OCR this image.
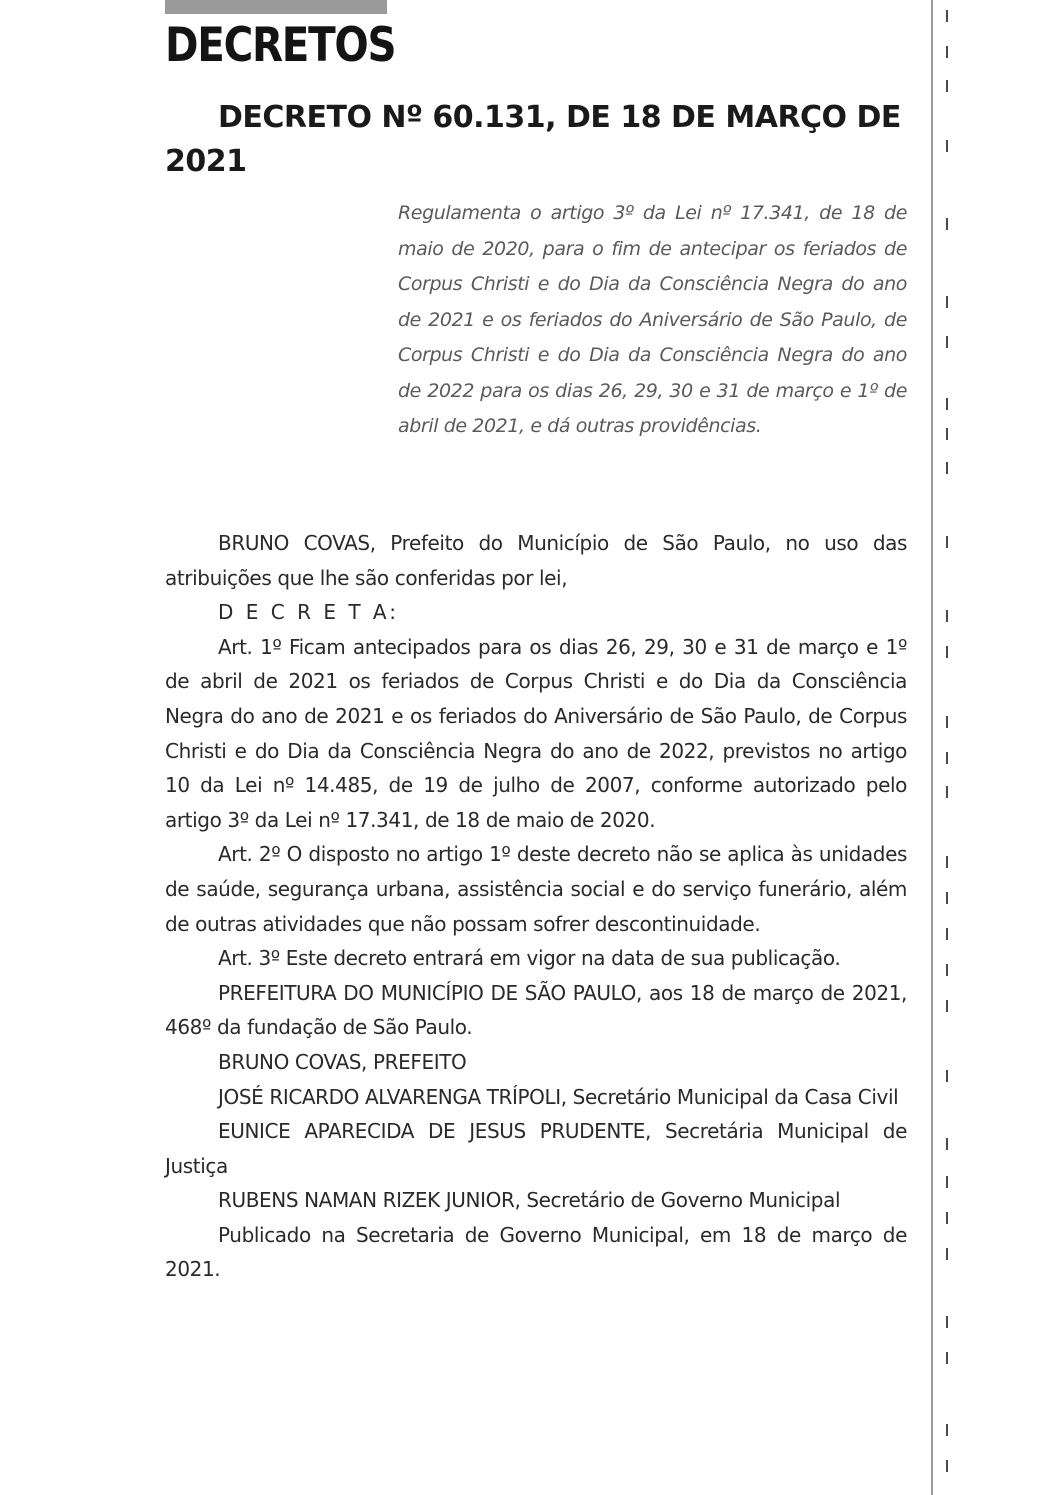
DECRETOS
DECRETO Nº 60.131, DE 18 DE MARÇO DE 2021

Regulamenta o artigo 3º da Lei nº 17.341, de 18 de maio de 2020, para o fim de antecipar os feriados de Corpus Christi e do Dia da Consciência Negra do ano de 2021 e os feriados do Aniversário de São Paulo, de Corpus Christi e do Dia da Consciência Negra do ano de 2022 para os dias 26, 29, 30 e 31 de março e 1º de abril de 2021, e dá outras providências.

BRUNO COVAS, Prefeito do Município de São Paulo, no uso das atribuições que lhe são conferidas por lei,

D E C R E T A:

Art. 1º Ficam antecipados para os dias 26, 29, 30 e 31 de março e 1º de abril de 2021 os feriados de Corpus Christi e do Dia da Consciência Negra do ano de 2021 e os feriados do Aniversário de São Paulo, de Corpus Christi e do Dia da Consciência Negra do ano de 2022, previstos no artigo 10 da Lei nº 14.485, de 19 de julho de 2007, conforme autorizado pelo artigo 3º da Lei nº 17.341, de 18 de maio de 2020.

Art. 2º O disposto no artigo 1º deste decreto não se aplica às unidades de saúde, segurança urbana, assistência social e do serviço funerário, além de outras atividades que não possam sofrer descontinuidade.

Art. 3º Este decreto entrará em vigor na data de sua publicação.

PREFEITURA DO MUNICÍPIO DE SÃO PAULO, aos 18 de março de 2021, 468º da fundação de São Paulo.

BRUNO COVAS, PREFEITO

JOSÉ RICARDO ALVARENGA TRÍPOLI, Secretário Municipal da Casa Civil

EUNICE APARECIDA DE JESUS PRUDENTE, Secretária Municipal de Justiça

RUBENS NAMAN RIZEK JUNIOR, Secretário de Governo Municipal

Publicado na Secretaria de Governo Municipal, em 18 de março de 2021.
